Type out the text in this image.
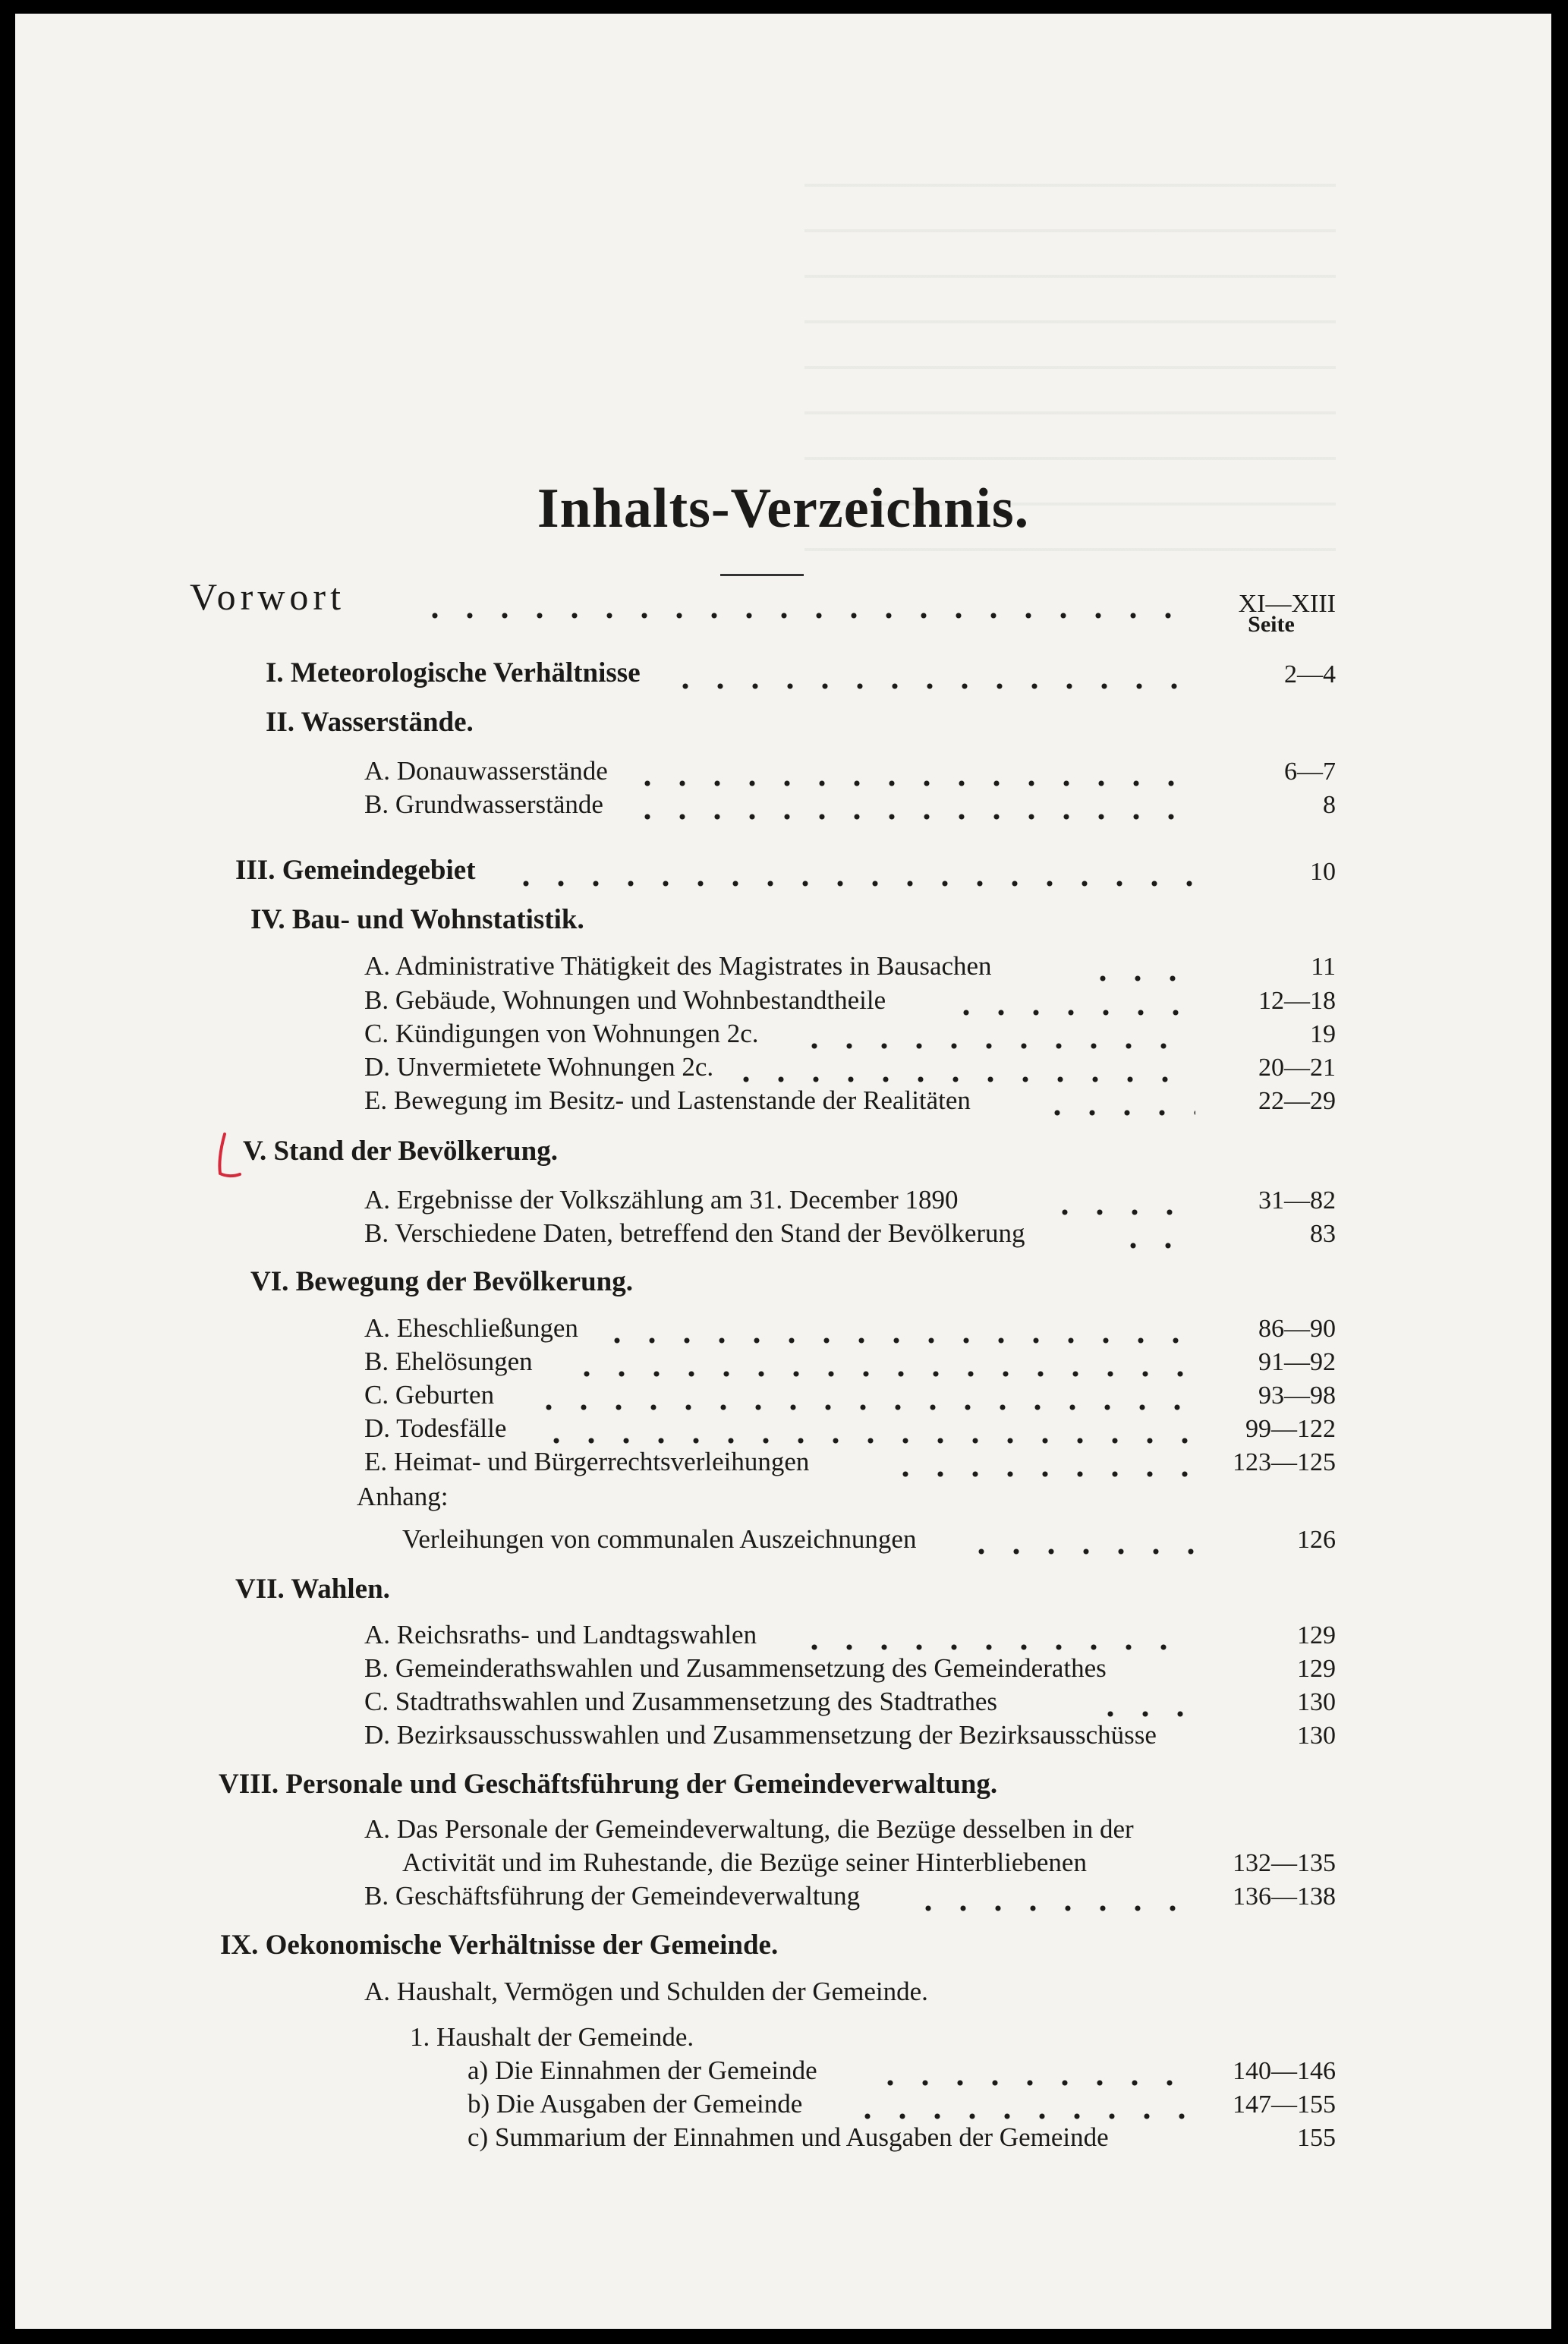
Inhalts-Verzeichnis.
Seite
Vorwort	XI—XIII
I. Meteorologische Verhältnisse	2—4
II. Wasserstände.
A. Donauwasserstände	6—7
B. Grundwasserstände	8
III. Gemeindegebiet	10
IV. Bau- und Wohnstatistik.
A. Administrative Thätigkeit des Magistrates in Bausachen	11
B. Gebäude, Wohnungen und Wohnbestandtheile	12—18
C. Kündigungen von Wohnungen 2c.	19
D. Unvermietete Wohnungen 2c.	20—21
E. Bewegung im Besitz- und Lastenstande der Realitäten	22—29
V. Stand der Bevölkerung.
A. Ergebnisse der Volkszählung am 31. December 1890	31—82
B. Verschiedene Daten, betreffend den Stand der Bevölkerung	83
VI. Bewegung der Bevölkerung.
A. Eheschließungen	86—90
B. Ehelösungen	91—92
C. Geburten	93—98
D. Todesfälle	99—122
E. Heimat- und Bürgerrechtsverleihungen	123—125
Anhang:
Verleihungen von communalen Auszeichnungen	126
VII. Wahlen.
A. Reichsraths- und Landtagswahlen	129
B. Gemeinderathswahlen und Zusammensetzung des Gemeinderathes	129
C. Stadtrathswahlen und Zusammensetzung des Stadtrathes	130
D. Bezirksausschusswahlen und Zusammensetzung der Bezirksausschüsse	130
VIII. Personale und Geschäftsführung der Gemeindeverwaltung.
A. Das Personale der Gemeindeverwaltung, die Bezüge desselben in der
Activität und im Ruhestande, die Bezüge seiner Hinterbliebenen	132—135
B. Geschäftsführung der Gemeindeverwaltung	136—138
IX. Oekonomische Verhältnisse der Gemeinde.
A. Haushalt, Vermögen und Schulden der Gemeinde.
1. Haushalt der Gemeinde.
a) Die Einnahmen der Gemeinde	140—146
b) Die Ausgaben der Gemeinde	147—155
c) Summarium der Einnahmen und Ausgaben der Gemeinde	155
